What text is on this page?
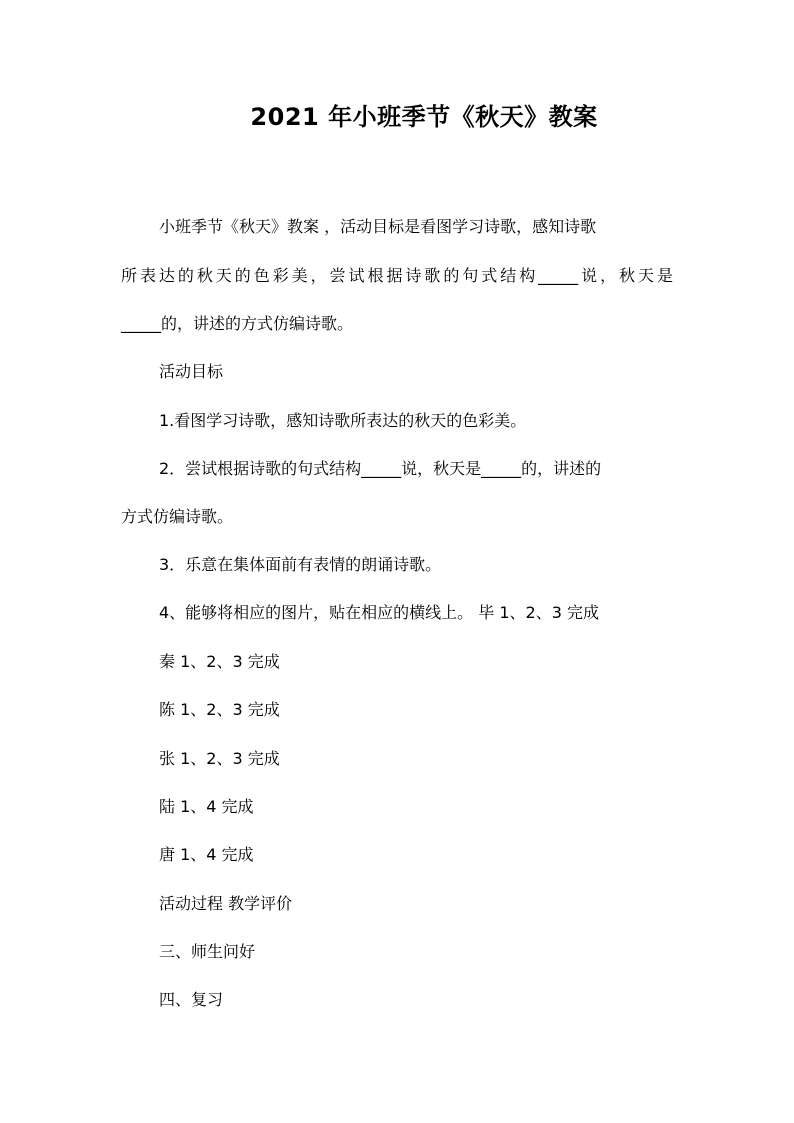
2021 年小班季节《秋天》教案

小班季节《秋天》教案 ，活动目标是看图学习诗歌，感知诗歌

所表达的秋天的色彩美，尝试根据诗歌的句式结构_____说，秋天是

_____的，讲述的方式仿编诗歌。

活动目标

1.看图学习诗歌，感知诗歌所表达的秋天的色彩美。

2．尝试根据诗歌的句式结构_____说，秋天是_____的，讲述的

方式仿编诗歌。

3．乐意在集体面前有表情的朗诵诗歌。

4、能够将相应的图片，贴在相应的横线上。 毕 1、2、3 完成

秦 1、2、3 完成

陈 1、2、3 完成

张 1、2、3 完成

陆 1、4 完成

唐 1、4 完成

活动过程 教学评价

三、师生问好

四、复习
